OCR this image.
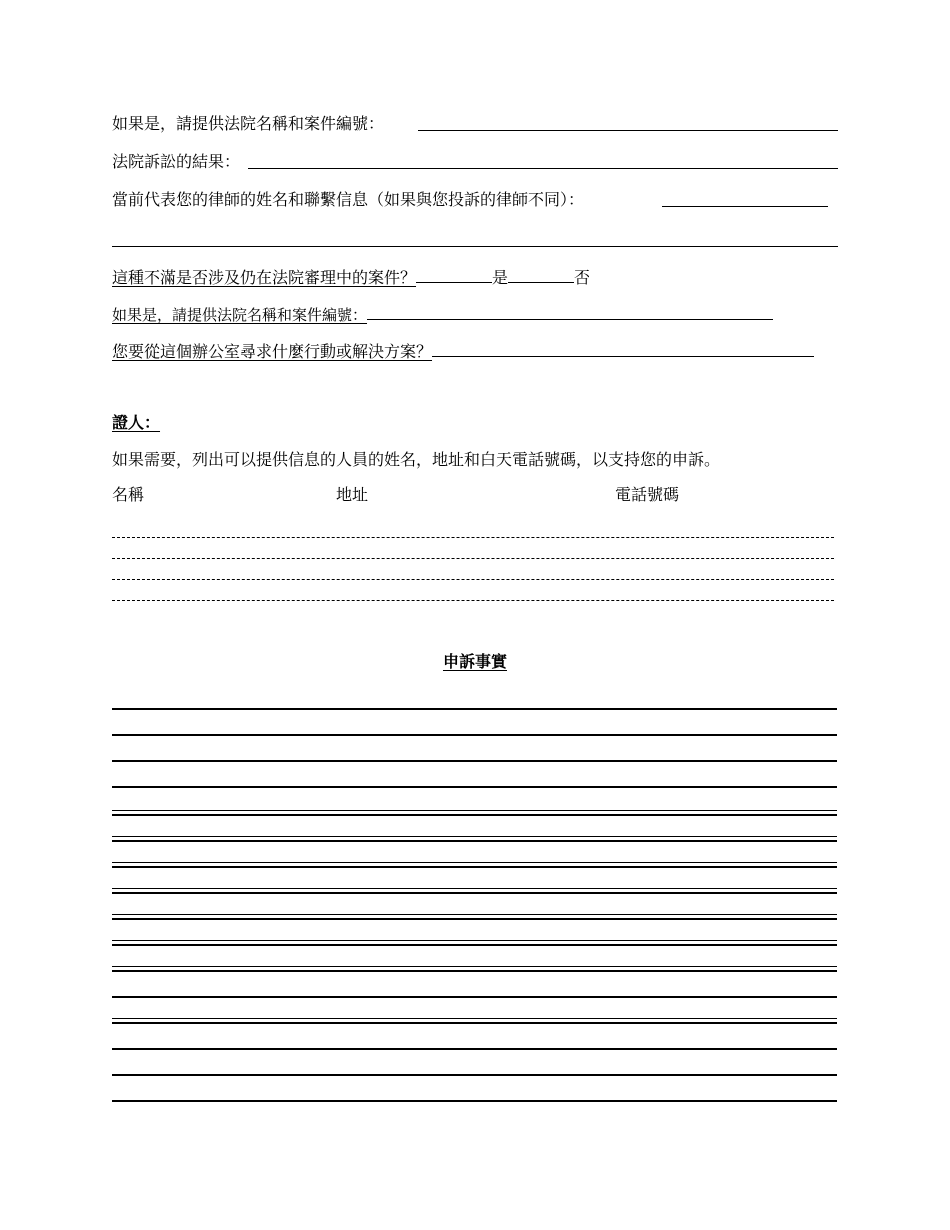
如果是，請提供法院名稱和案件編號：
法院訴訟的結果：
當前代表您的律師的姓名和聯繫信息（如果與您投訴的律師不同）：
這種不滿是否涉及仍在法院審理中的案件？	是	否
如果是，請提供法院名稱和案件編號：
您要從這個辦公室尋求什麼行動或解決方案？
證人：
如果需要，列出可以提供信息的人員的姓名，地址和白天電話號碼，以支持您的申訴。
名稱	地址	電話號碼
申訴事實
